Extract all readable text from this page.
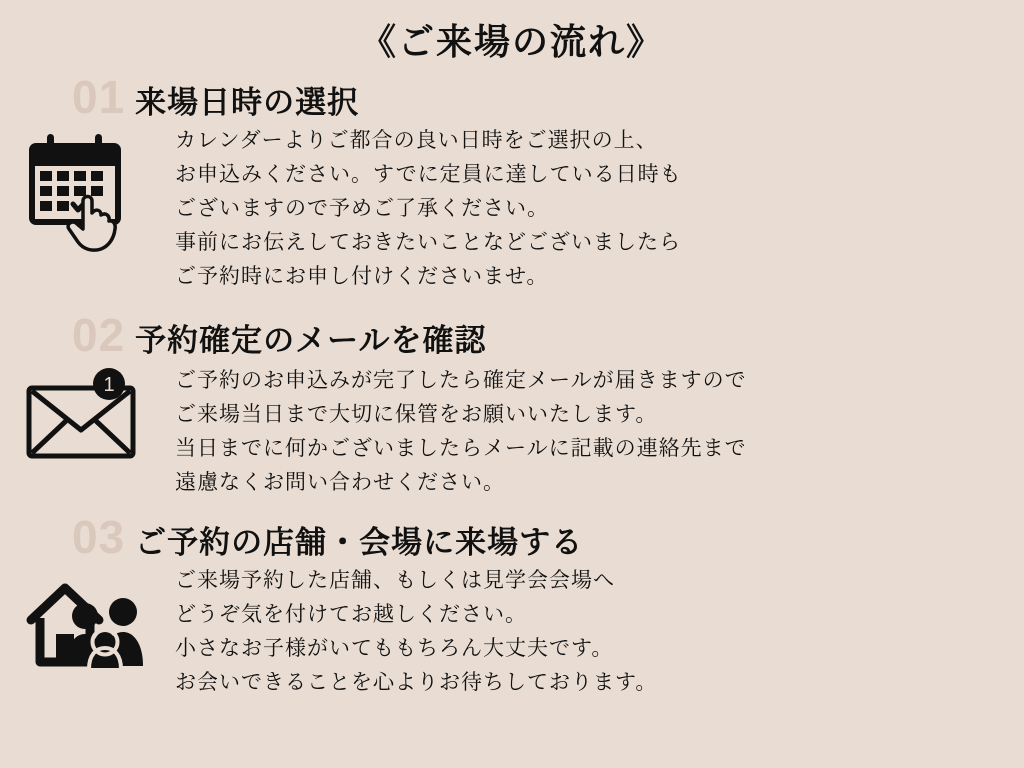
《ご来場の流れ》
01 来場日時の選択
カレンダーよりご都合の良い日時をご選択の上、
お申込みください。すでに定員に達している日時も
ございますので予めご了承ください。
事前にお伝えしておきたいことなどございましたら
ご予約時にお申し付けくださいませ。
02 予約確定のメールを確認
1	ご予約のお申込みが完了したら確定メールが届きますので
ご来場当日まで大切に保管をお願いいたします。
当日までに何かございましたらメールに記載の連絡先まで
遠慮なくお問い合わせください。
03 ご予約の店舗・会場に来場する
ご来場予約した店舗、もしくは見学会会場へ
どうぞ気を付けてお越しください。
小さなお子様がいてももちろん大丈夫です。
お会いできることを心よりお待ちしております。
